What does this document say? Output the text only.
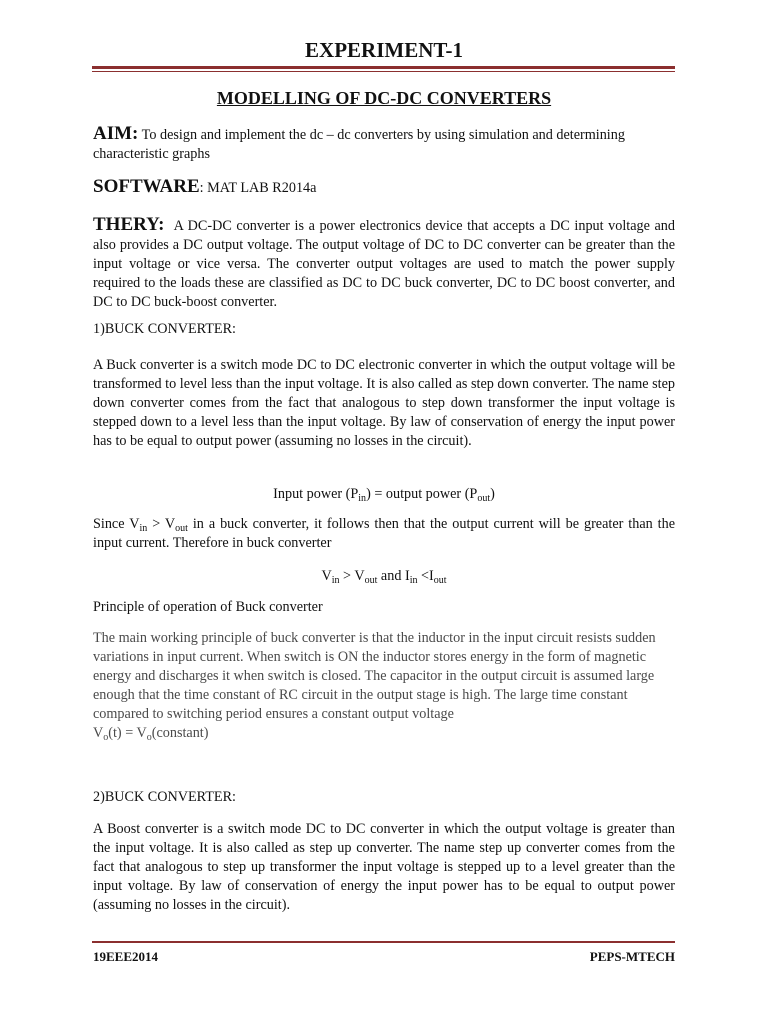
EXPERIMENT-1
MODELLING OF DC-DC CONVERTERS
AIM: To design and implement the dc – dc converters by using simulation and determining characteristic graphs
SOFTWARE: MAT LAB R2014a
THERY: A DC-DC converter is a power electronics device that accepts a DC input voltage and also provides a DC output voltage. The output voltage of DC to DC converter can be greater than the input voltage or vice versa. The converter output voltages are used to match the power supply required to the loads these are classified as DC to DC buck converter, DC to DC boost converter, and DC to DC buck-boost converter.
1)BUCK CONVERTER:
A Buck converter is a switch mode DC to DC electronic converter in which the output voltage will be transformed to level less than the input voltage. It is also called as step down converter. The name step down converter comes from the fact that analogous to step down transformer the input voltage is stepped down to a level less than the input voltage. By law of conservation of energy the input power has to be equal to output power (assuming no losses in the circuit).
Input power $(P_{in})$ = output power $(P_{out})$
Since $V_{in} > V_{out}$ in a buck converter, it follows then that the output current will be greater than the input current. Therefore in buck converter
$V_{in} > V_{out}$ and $I_{in} <I_{out}$
Principle of operation of Buck converter
The main working principle of buck converter is that the inductor in the input circuit resists sudden variations in input current. When switch is ON the inductor stores energy in the form of magnetic energy and discharges it when switch is closed. The capacitor in the output circuit is assumed large enough that the time constant of RC circuit in the output stage is high. The large time constant compared to switching period ensures a constant output voltage
$V_o(t)$ = $V_o(constant)$
2)BUCK CONVERTER:
A Boost converter is a switch mode DC to DC converter in which the output voltage is greater than the input voltage. It is also called as step up converter. The name step up converter comes from the fact that analogous to step up transformer the input voltage is stepped up to a level greater than the input voltage. By law of conservation of energy the input power has to be equal to output power (assuming no losses in the circuit).
19EEE2014	PEPS-MTECH
